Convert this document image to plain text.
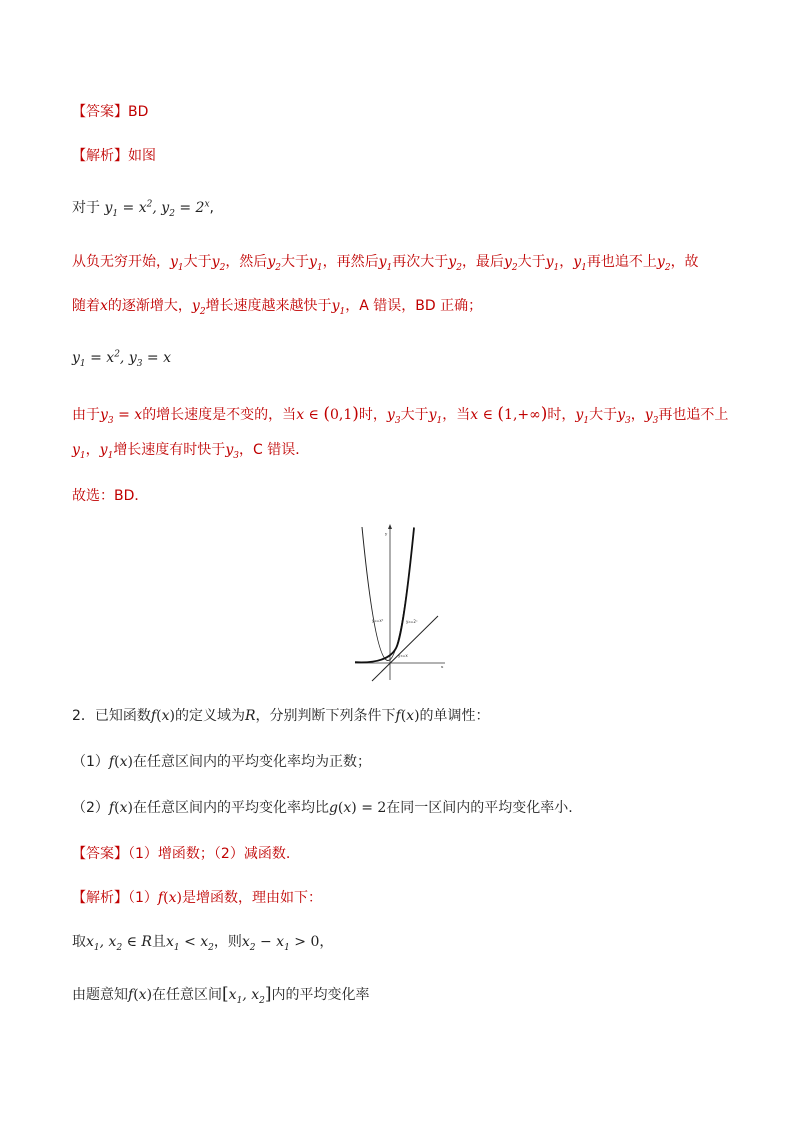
【答案】BD
【解析】如图
对于 $y_1 = x^2$, $y_2 = 2^x$,
从负无穷开始，$y_1$大于$y_2$，然后$y_2$大于$y_1$，再然后$y_1$再次大于$y_2$，最后$y_2$大于$y_1$，$y_1$再也追不上$y_2$，故
随着x的逐渐增大，$y_2$增长速度越来越快于$y_1$，A 错误，BD 正确；
$y_1 = x^2$, $y_3 = x$
由于$y_3 = x$的增长速度是不变的，当x ∈ (0,1)时，$y_3$大于$y_1$，当x ∈ (1,+∞)时，$y_1$大于$y_3$，$y_3$再也追不上
$y_1$，$y_1$增长速度有时快于$y_3$，C 错误．
故选：BD．
y
x
y₁=x²	y₂=2ˣ
y₃=x
2．已知函数f(x)的定义域为R，分别判断下列条件下f(x)的单调性：
（1）f(x)在任意区间内的平均变化率均为正数；
（2）f(x)在任意区间内的平均变化率均比g(x) = 2在同一区间内的平均变化率小.
【答案】（1）增函数；（2）减函数.
【解析】（1）f(x)是增函数，理由如下：
取$x_1$, $x_2$ ∈ R且$x_1 < x_2$，则$x_2 - x_1 > 0$，
由题意知f(x)在任意区间[$x_1$, $x_2$]内的平均变化率
